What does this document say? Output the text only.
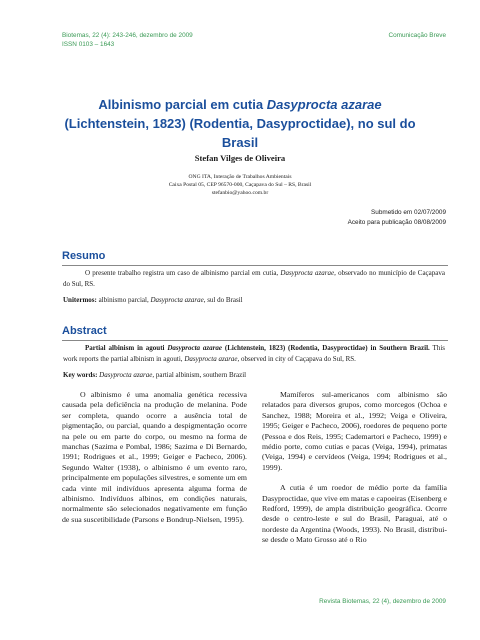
Biotemas, 22 (4): 243-246, dezembro de 2009
ISSN 0103 – 1643
Comunicação Breve
Albinismo parcial em cutia Dasyprocta azarae (Lichtenstein, 1823) (Rodentia, Dasyproctidae), no sul do Brasil
Stefan Vilges de Oliveira
ONG ITA, Interação de Trabalhos Ambientais
Caixa Postal 05, CEP 96570-000, Caçapava do Sul – RS, Brasil
stefanbio@yahoo.com.br
Submetido em 02/07/2009
Aceito para publicação 08/08/2009
Resumo

O presente trabalho registra um caso de albinismo parcial em cutia, Dasyprocta azarae, observado no município de Caçapava do Sul, RS.

Unitermos: albinismo parcial, Dasyprocta azarae, sul do Brasil

Abstract

Partial albinism in agouti Dasyprocta azarae (Lichtenstein, 1823) (Rodentia, Dasyproctidae) in Southern Brazil. This work reports the partial albinism in agouti, Dasyprocta azarae, observed in city of Caçapava do Sul, RS.

Key words: Dasyprocta azarae, partial albinism, southern Brazil

O albinismo é uma anomalia genética recessiva causada pela deficiência na produção de melanina. Pode ser completa, quando ocorre a ausência total de pigmentação, ou parcial, quando a despigmentação ocorre na pele ou em parte do corpo, ou mesmo na forma de manchas (Sazima e Pombal, 1986; Sazima e Di Bernardo, 1991; Rodrigues et al., 1999; Geiger e Pacheco, 2006). Segundo Walter (1938), o albinismo é um evento raro, principalmente em populações silvestres, e somente um em cada vinte mil indivíduos apresenta alguma forma de albinismo. Indivíduos albinos, em condições naturais, normalmente são selecionados negativamente em função de sua suscetibilidade (Parsons e Bondrup-Nielsen, 1995).

Mamíferos sul-americanos com albinismo são relatados para diversos grupos, como morcegos (Ochoa e Sanchez, 1988; Moreira et al., 1992; Veiga e Oliveira, 1995; Geiger e Pacheco, 2006), roedores de pequeno porte (Pessoa e dos Reis, 1995; Cademartori e Pacheco, 1999) e médio porte, como cutias e pacas (Veiga, 1994), primatas (Veiga, 1994) e cervídeos (Veiga, 1994; Rodrigues et al., 1999).

A cutia é um roedor de médio porte da família Dasyproctidae, que vive em matas e capoeiras (Eisenberg e Redford, 1999), de ampla distribuição geográfica. Ocorre desde o centro-leste e sul do Brasil, Paraguai, até o nordeste da Argentina (Woods, 1993). No Brasil, distribui-se desde o Mato Grosso até o Rio

Revista Biotemas, 22 (4), dezembro de 2009
